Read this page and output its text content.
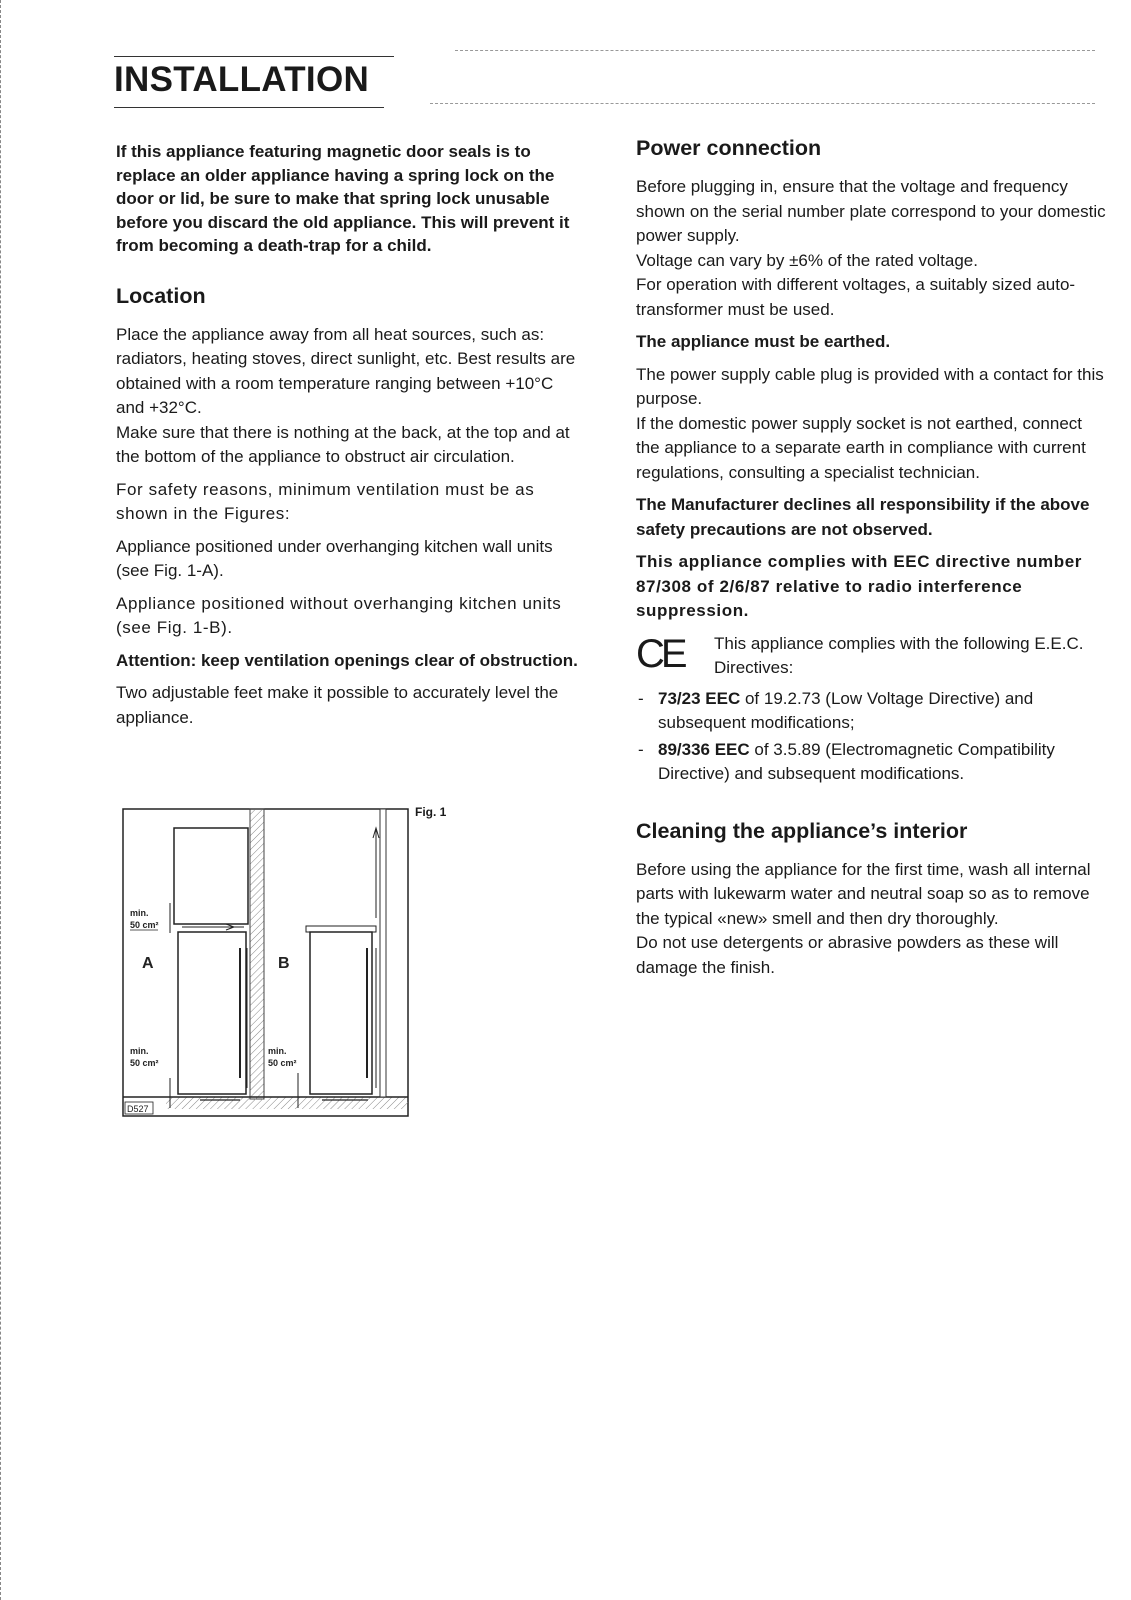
INSTALLATION

If this appliance featuring magnetic door seals is to replace an older appliance having a spring lock on the door or lid, be sure to make that spring lock unusable before you discard the old appliance. This will prevent it from becoming a death-trap for a child.

Location

Place the appliance away from all heat sources, such as: radiators, heating stoves, direct sunlight, etc. Best results are obtained with a room temperature ranging between +10°C and +32°C.

Make sure that there is nothing at the back, at the top and at the bottom of the appliance to obstruct air circulation.

For safety reasons, minimum ventilation must be as shown in the Figures:

Appliance positioned under overhanging kitchen wall units (see Fig. 1-A).

Appliance positioned without overhanging kitchen units (see Fig. 1-B).

Attention: keep ventilation openings clear of obstruction.

Two adjustable feet make it possible to accurately level the appliance.

Fig. 1

min.
50 cm²
A	B
min.
50 cm²
min.
50 cm²
D527
Power connection

Before plugging in, ensure that the voltage and frequency shown on the serial number plate correspond to your domestic power supply.

Voltage can vary by ±6% of the rated voltage.

For operation with different voltages, a suitably sized auto-transformer must be used.

The appliance must be earthed.

The power supply cable plug is provided with a contact for this purpose.

If the domestic power supply socket is not earthed, connect the appliance to a separate earth in compliance with current regulations, consulting a specialist technician.

The Manufacturer declines all responsibility if the above safety precautions are not observed.

This appliance complies with EEC directive number 87/308 of 2/6/87 relative to radio interference suppression.

CE This appliance complies with the following E.E.C. Directives:

- 73/23 EEC of 19.2.73 (Low Voltage Directive) and subsequent modifications;
- 89/336 EEC of 3.5.89 (Electromagnetic Compatibility Directive) and subsequent modifications.
Cleaning the appliance’s interior

Before using the appliance for the first time, wash all internal parts with lukewarm water and neutral soap so as to remove the typical «new» smell and then dry thoroughly.

Do not use detergents or abrasive powders as these will damage the finish.
